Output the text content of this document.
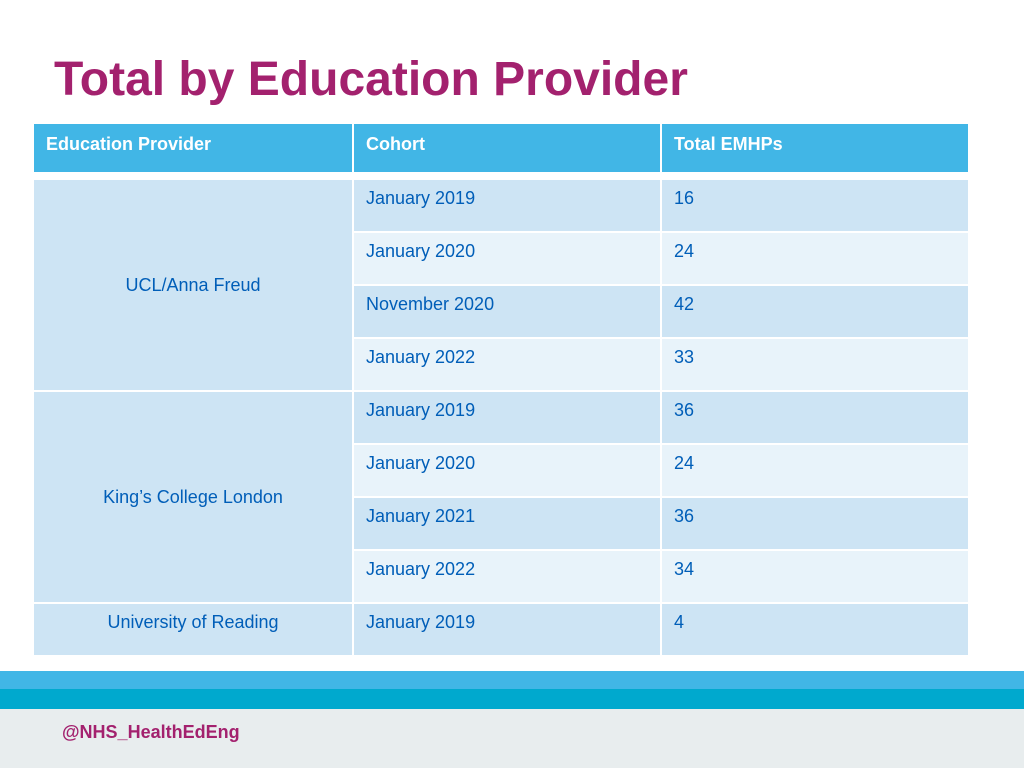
Total by Education Provider
Education Provider	Cohort	Total EMHPs

UCL/Anna Freud	January 2019	16
	January 2020	24
	November 2020	42
	January 2022	33
King’s College London	January 2019	36
	January 2020	24
	January 2021	36
	January 2022	34
University of Reading	January 2019	4
@NHS_HealthEdEng
